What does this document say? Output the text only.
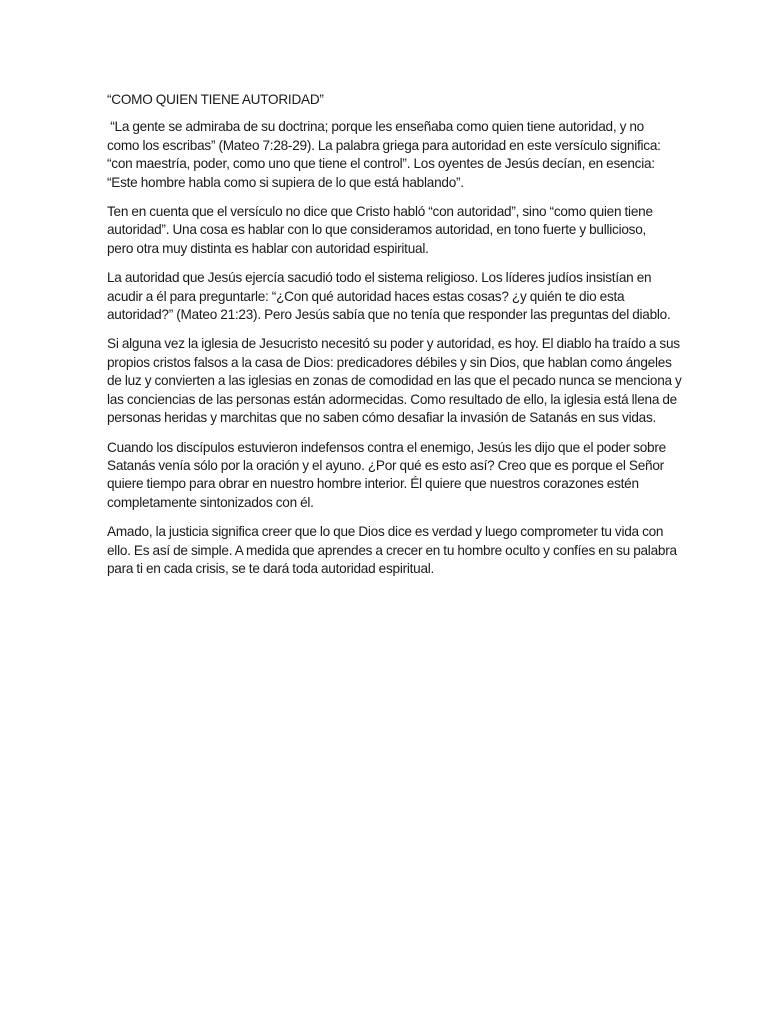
“COMO QUIEN TIENE AUTORIDAD”
“La gente se admiraba de su doctrina; porque les enseñaba como quien tiene autoridad, y no
como los escribas” (Mateo 7:28-29). La palabra griega para autoridad en este versículo significa:
“con maestría, poder, como uno que tiene el control”. Los oyentes de Jesús decían, en esencia:
“Este hombre habla como si supiera de lo que está hablando”.
Ten en cuenta que el versículo no dice que Cristo habló “con autoridad”, sino “como quien tiene
autoridad”. Una cosa es hablar con lo que consideramos autoridad, en tono fuerte y bullicioso,
pero otra muy distinta es hablar con autoridad espiritual.
La autoridad que Jesús ejercía sacudió todo el sistema religioso. Los líderes judíos insistían en
acudir a él para preguntarle: “¿Con qué autoridad haces estas cosas? ¿y quién te dio esta
autoridad?” (Mateo 21:23). Pero Jesús sabía que no tenía que responder las preguntas del diablo.
Si alguna vez la iglesia de Jesucristo necesitó su poder y autoridad, es hoy. El diablo ha traído a sus
propios cristos falsos a la casa de Dios: predicadores débiles y sin Dios, que hablan como ángeles
de luz y convierten a las iglesias en zonas de comodidad en las que el pecado nunca se menciona y
las conciencias de las personas están adormecidas. Como resultado de ello, la iglesia está llena de
personas heridas y marchitas que no saben cómo desafiar la invasión de Satanás en sus vidas.
Cuando los discípulos estuvieron indefensos contra el enemigo, Jesús les dijo que el poder sobre
Satanás venía sólo por la oración y el ayuno. ¿Por qué es esto así? Creo que es porque el Señor
quiere tiempo para obrar en nuestro hombre interior. Él quiere que nuestros corazones estén
completamente sintonizados con él.
Amado, la justicia significa creer que lo que Dios dice es verdad y luego comprometer tu vida con
ello. Es así de simple. A medida que aprendes a crecer en tu hombre oculto y confíes en su palabra
para ti en cada crisis, se te dará toda autoridad espiritual.
